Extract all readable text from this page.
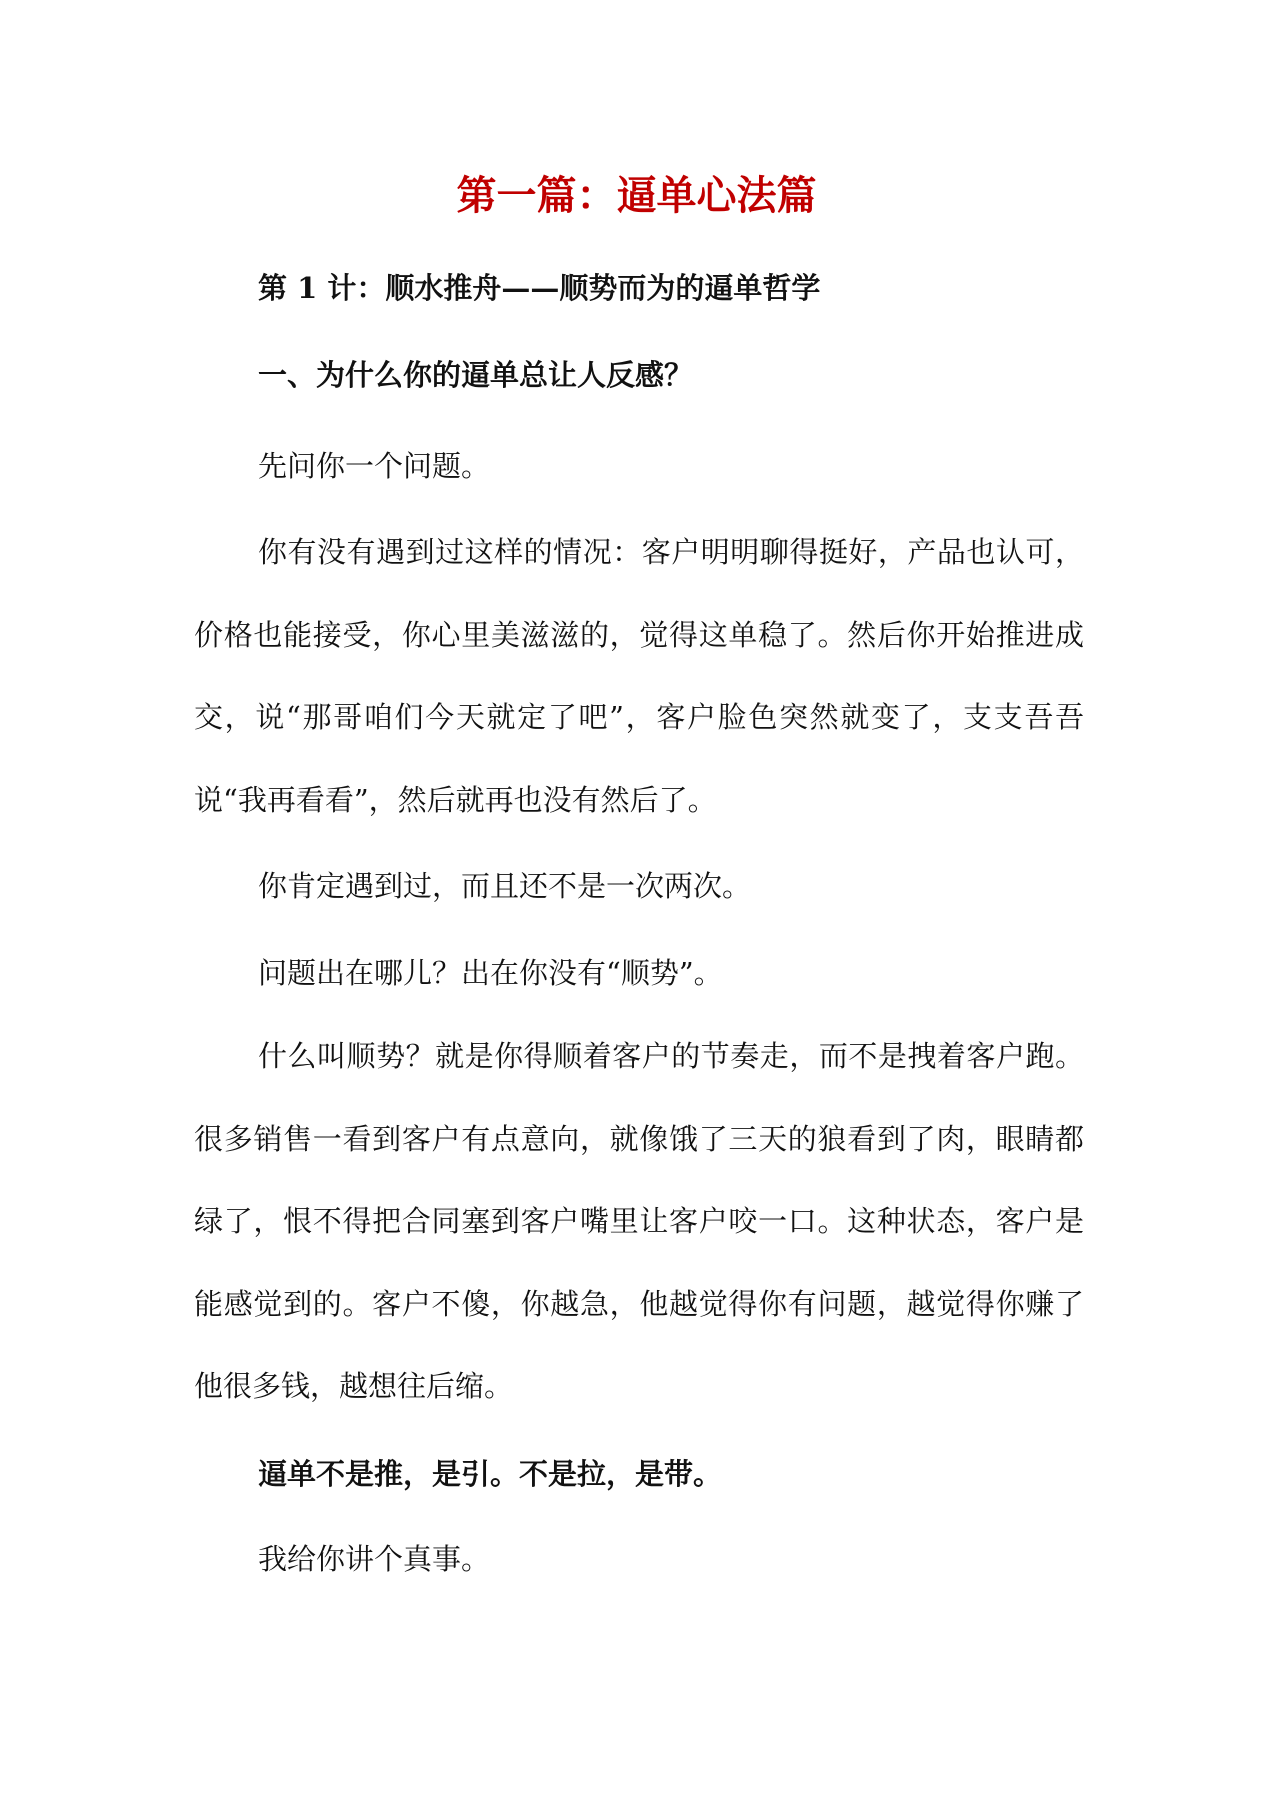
第一篇：逼单心法篇
第 1 计：顺水推舟——顺势而为的逼单哲学
一、为什么你的逼单总让人反感？

先问你一个问题。

你有没有遇到过这样的情况：客户明明聊得挺好，产品也认可，价格也能接受，你心里美滋滋的，觉得这单稳了。然后你开始推进成交，说“那哥咱们今天就定了吧”，客户脸色突然就变了，支支吾吾说“我再看看”，然后就再也没有然后了。

你肯定遇到过，而且还不是一次两次。

问题出在哪儿？出在你没有“顺势”。

什么叫顺势？就是你得顺着客户的节奏走，而不是拽着客户跑。很多销售一看到客户有点意向，就像饿了三天的狼看到了肉，眼睛都绿了，恨不得把合同塞到客户嘴里让客户咬一口。这种状态，客户是能感觉到的。客户不傻，你越急，他越觉得你有问题，越觉得你赚了他很多钱，越想往后缩。

逼单不是推，是引。不是拉，是带。

我给你讲个真事。
